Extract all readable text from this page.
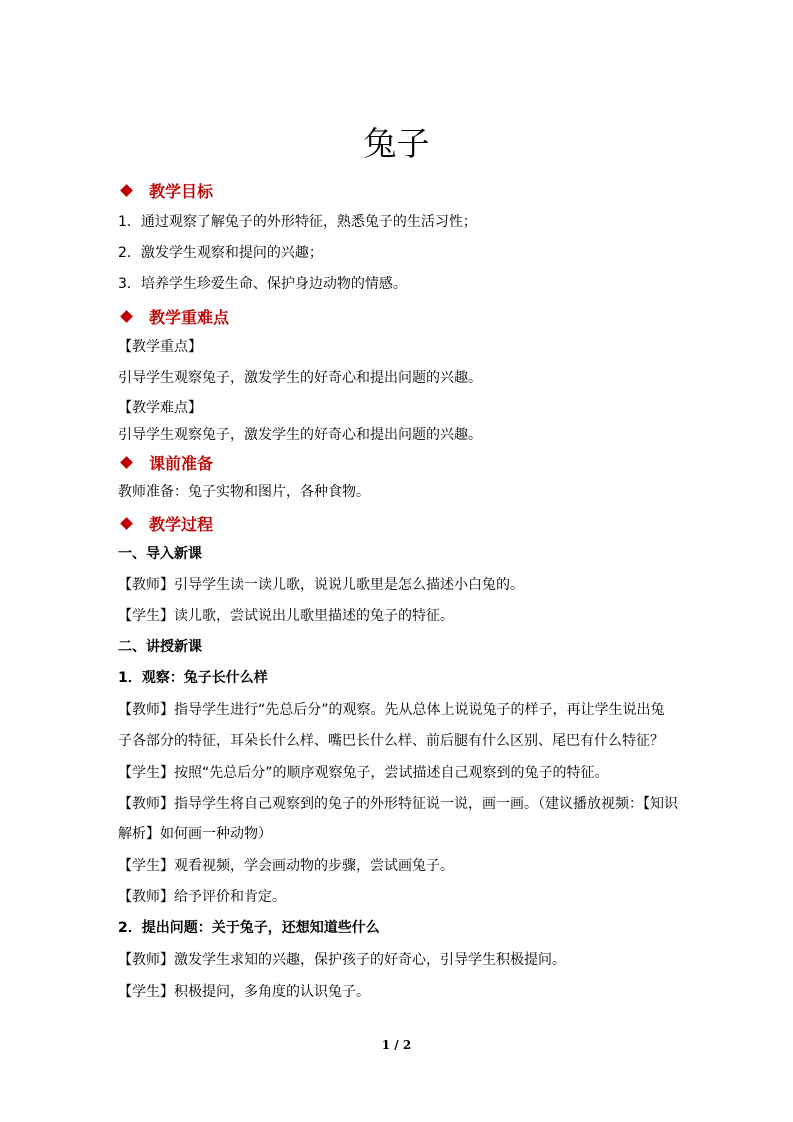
兔子
教学目标
1．通过观察了解兔子的外形特征，熟悉兔子的生活习性；
2．激发学生观察和提问的兴趣；
3．培养学生珍爱生命、保护身边动物的情感。
教学重难点
【教学重点】
引导学生观察兔子，激发学生的好奇心和提出问题的兴趣。
【教学难点】
引导学生观察兔子，激发学生的好奇心和提出问题的兴趣。
课前准备
教师准备：兔子实物和图片，各种食物。
教学过程
一、导入新课
【教师】引导学生读一读儿歌，说说儿歌里是怎么描述小白兔的。
【学生】读儿歌，尝试说出儿歌里描述的兔子的特征。
二、讲授新课
1．观察：兔子长什么样
【教师】指导学生进行“先总后分”的观察。先从总体上说说兔子的样子，再让学生说出兔
子各部分的特征，耳朵长什么样、嘴巴长什么样、前后腿有什么区别、尾巴有什么特征？
【学生】按照“先总后分”的顺序观察兔子，尝试描述自己观察到的兔子的特征。
【教师】指导学生将自己观察到的兔子的外形特征说一说，画一画。（建议播放视频：【知识
解析】如何画一种动物）
【学生】观看视频，学会画动物的步骤，尝试画兔子。
【教师】给予评价和肯定。
2．提出问题：关于兔子，还想知道些什么
【教师】激发学生求知的兴趣，保护孩子的好奇心，引导学生积极提问。
【学生】积极提问，多角度的认识兔子。
1 / 2
